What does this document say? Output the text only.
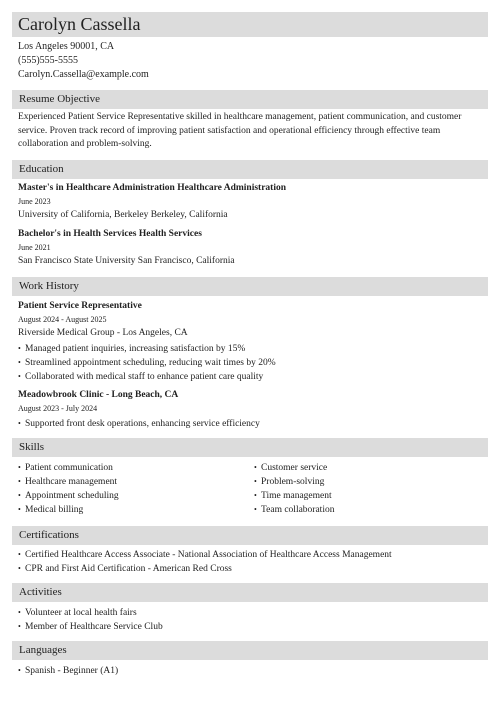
Carolyn Cassella
Los Angeles 90001, CA
(555)555-5555
Carolyn.Cassella@example.com
Resume Objective
Experienced Patient Service Representative skilled in healthcare management, patient communication, and customer service. Proven track record of improving patient satisfaction and operational efficiency through effective team collaboration and problem-solving.
Education
Master's in Healthcare Administration Healthcare Administration
June 2023
University of California, Berkeley Berkeley, California
Bachelor's in Health Services Health Services
June 2021
San Francisco State University San Francisco, California
Work History
Patient Service Representative
August 2024 - August 2025
Riverside Medical Group - Los Angeles, CA
• Managed patient inquiries, increasing satisfaction by 15%
• Streamlined appointment scheduling, reducing wait times by 20%
• Collaborated with medical staff to enhance patient care quality
Meadowbrook Clinic - Long Beach, CA
August 2023 - July 2024
• Supported front desk operations, enhancing service efficiency
Skills
• Patient communication
• Healthcare management
• Appointment scheduling
• Medical billing
• Customer service
• Problem-solving
• Time management
• Team collaboration
Certifications
• Certified Healthcare Access Associate - National Association of Healthcare Access Management
• CPR and First Aid Certification - American Red Cross
Activities
• Volunteer at local health fairs
• Member of Healthcare Service Club
Languages
• Spanish - Beginner (A1)
